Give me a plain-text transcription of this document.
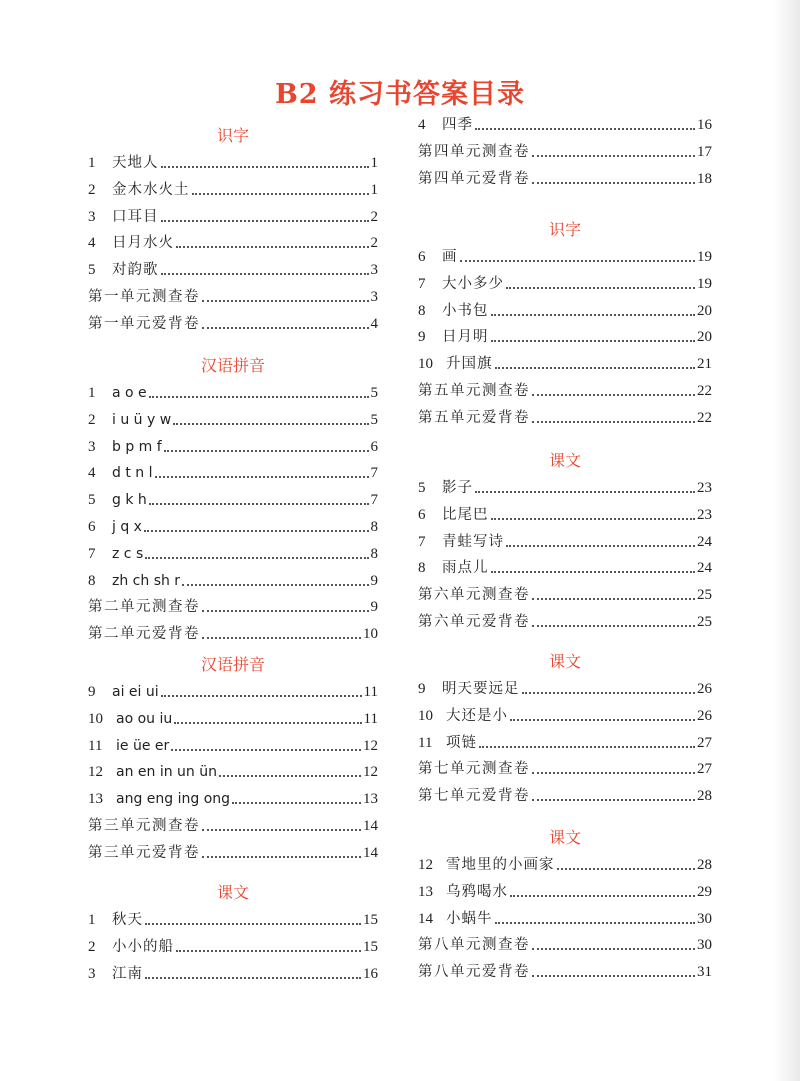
B2 练习书答案目录
识字
1	天地人	1
2	金木水火土	1
3	口耳目	2
4	日月水火	2
5	对韵歌	3
第一单元测查卷	3
第一单元爱背卷	4
汉语拼音
1	a o e	5
2	i u ü y w	5
3	b p m f	6
4	d t n l	7
5	g k h	7
6	j q x	8
7	z c s	8
8	zh ch sh r	9
第二单元测查卷	9
第二单元爱背卷	10
汉语拼音
9	ai ei ui	11
10 ao ou iu	11
11 ie üe er	12
12 an en in un ün	12
13 ang eng ing ong	13
第三单元测查卷	14
第三单元爱背卷	14
课文
1	秋天	15
2	小小的船	15
3	江南	16
4	四季	16
第四单元测查卷	17
第四单元爱背卷	18
识字
6	画	19
7	大小多少	19
8	小书包	20
9	日月明	20
10 升国旗	21
第五单元测查卷	22
第五单元爱背卷	22
课文
5	影子	23
6	比尾巴	23
7	青蛙写诗	24
8	雨点儿	24
第六单元测查卷	25
第六单元爱背卷	25
课文
9	明天要远足	26
10 大还是小	26
11 项链	27
第七单元测查卷	27
第七单元爱背卷	28
课文
12 雪地里的小画家	28
13 乌鸦喝水	29
14 小蜗牛	30
第八单元测查卷	30
第八单元爱背卷	31
